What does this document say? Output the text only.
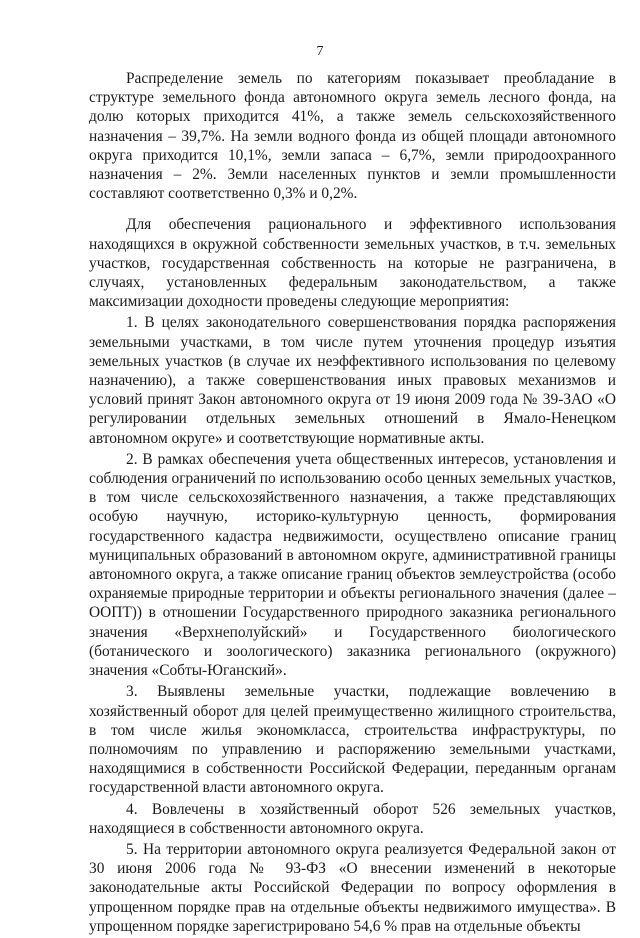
7

Распределение земель по категориям показывает преобладание в структуре земельного фонда автономного округа земель лесного фонда, на долю которых приходится 41%, а также земель сельскохозяйственного назначения – 39,7%. На земли водного фонда из общей площади автономного округа приходится 10,1%, земли запаса – 6,7%, земли природоохранного назначения – 2%. Земли населенных пунктов и земли промышленности составляют соответственно 0,3% и 0,2%.

Для обеспечения рационального и эффективного использования находящихся в окружной собственности земельных участков, в т.ч. земельных участков, государственная собственность на которые не разграничена, в случаях, установленных федеральным законодательством, а также максимизации доходности проведены следующие мероприятия:

1. В целях законодательного совершенствования порядка распоряжения земельными участками, в том числе путем уточнения процедур изъятия земельных участков (в случае их неэффективного использования по целевому назначению), а также совершенствования иных правовых механизмов и условий принят Закон автономного округа от 19 июня 2009 года № 39-ЗАО «О регулировании отдельных земельных отношений в Ямало-Ненецком автономном округе» и соответствующие нормативные акты.

2. В рамках обеспечения учета общественных интересов, установления и соблюдения ограничений по использованию особо ценных земельных участков, в том числе сельскохозяйственного назначения, а также представляющих особую научную, историко-культурную ценность, формирования государственного кадастра недвижимости, осуществлено описание границ муниципальных образований в автономном округе, административной границы автономного округа, а также описание границ объектов землеустройства (особо охраняемые природные территории и объекты регионального значения (далее – ООПТ)) в отношении Государственного природного заказника регионального значения «Верхнеполуйский» и Государственного биологического (ботанического и зоологического) заказника регионального (окружного) значения «Собты-Юганский».

3. Выявлены земельные участки, подлежащие вовлечению в хозяйственный оборот для целей преимущественно жилищного строительства, в том числе жилья экономкласса, строительства инфраструктуры, по полномочиям по управлению и распоряжению земельными участками, находящимися в собственности Российской Федерации, переданным органам государственной власти автономного округа.

4. Вовлечены в хозяйственный оборот 526 земельных участков, находящиеся в собственности автономного округа.

5. На территории автономного округа реализуется Федеральной закон от 30 июня 2006 года № 93-ФЗ «О внесении изменений в некоторые законодательные акты Российской Федерации по вопросу оформления в упрощенном порядке прав на отдельные объекты недвижимого имущества». В упрощенном порядке зарегистрировано 54,6 % прав на отдельные объекты
